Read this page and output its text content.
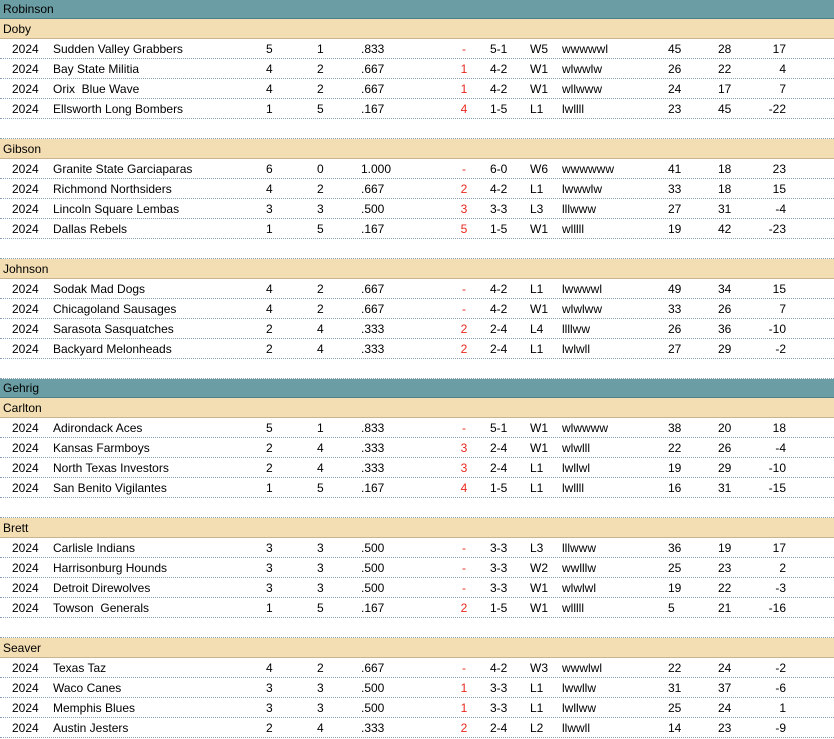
Robinson
Doby
2024 Sudden Valley Grabbers	5	1	.833	-	5-1 W5 wwwwwl	45	28	17
2024 Bay State Militia	4	2	.667	1	4-2 W1 wlwwlw	26	22	4
2024 Orix  Blue Wave	4	2	.667	1	4-2 W1 wllwww	24	17	7
2024 Ellsworth Long Bombers	1	5	.167	4	1-5 L1 lwllll	23	45	-22
Gibson
2024 Granite State Garciaparas	6	0	1.000	-	6-0 W6 wwwwww	41	18	23
2024 Richmond Northsiders	4	2	.667	2	4-2 L1 lwwwlw	33	18	15
2024 Lincoln Square Lembas	3	3	.500	3	3-3 L3 lllwww	27	31	-4
2024 Dallas Rebels	1	5	.167	5	1-5 W1 wlllll	19	42	-23
Johnson
2024 Sodak Mad Dogs	4	2	.667	-	4-2 L1 lwwwwl	49	34	15
2024 Chicagoland Sausages	4	2	.667	-	4-2 W1 wlwlww	33	26	7
2024 Sarasota Sasquatches	2	4	.333	2	2-4 L4 llllww	26	36	-10
2024 Backyard Melonheads	2	4	.333	2	2-4 L1 lwlwll	27	29	-2
Gehrig
Carlton
2024 Adirondack Aces	5	1	.833	-	5-1 W1 wlwwww	38	20	18
2024 Kansas Farmboys	2	4	.333	3	2-4 W1 wlwlll	22	26	-4
2024 North Texas Investors	2	4	.333	3	2-4 L1 lwllwl	19	29	-10
2024 San Benito Vigilantes	1	5	.167	4	1-5 L1 lwllll	16	31	-15
Brett
2024 Carlisle Indians	3	3	.500	-	3-3 L3 lllwww	36	19	17
2024 Harrisonburg Hounds	3	3	.500	-	3-3 W2 wwlllw	25	23	2
2024 Detroit Direwolves	3	3	.500	-	3-3 W1 wlwlwl	19	22	-3
2024 Towson  Generals	1	5	.167	2	1-5 W1 wlllll	5	21	-16
Seaver
2024 Texas Taz	4	2	.667	-	4-2 W3 wwwlwl	22	24	-2
2024 Waco Canes	3	3	.500	1	3-3 L1 lwwllw	31	37	-6
2024 Memphis Blues	3	3	.500	1	3-3 L1 lwllww	25	24	1
2024 Austin Jesters	2	4	.333	2	2-4 L2 llwwll	14	23	-9
